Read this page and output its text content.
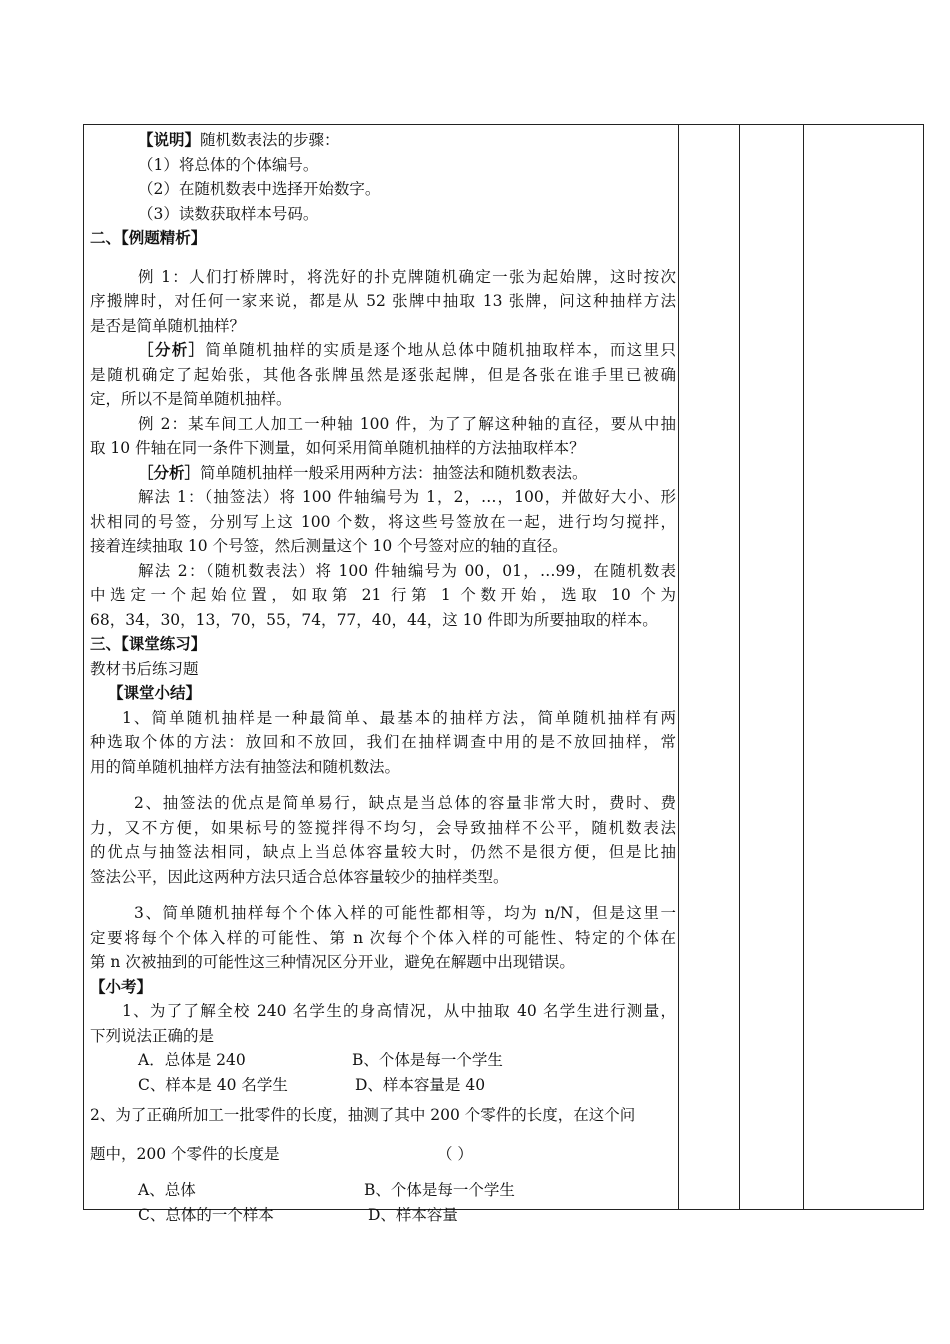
【说明】随机数表法的步骤：
（1）将总体的个体编号。
（2）在随机数表中选择开始数字。
（3）读数获取样本号码。
二、【例题精析】
例 1：人们打桥牌时，将洗好的扑克牌随机确定一张为起始牌，这时按次
序搬牌时，对任何一家来说，都是从 52 张牌中抽取 13 张牌，问这种抽样方法
是否是简单随机抽样？
［分析］简单随机抽样的实质是逐个地从总体中随机抽取样本，而这里只
是随机确定了起始张，其他各张牌虽然是逐张起牌，但是各张在谁手里已被确
定，所以不是简单随机抽样。
例 2：某车间工人加工一种轴 100 件，为了了解这种轴的直径，要从中抽
取 10 件轴在同一条件下测量，如何采用简单随机抽样的方法抽取样本？
［分析］简单随机抽样一般采用两种方法：抽签法和随机数表法。
解法 1：（抽签法）将 100 件轴编号为 1，2，…，100，并做好大小、形
状相同的号签，分别写上这 100 个数，将这些号签放在一起，进行均匀搅拌，
接着连续抽取 10 个号签，然后测量这个 10 个号签对应的轴的直径。
解法 2：（随机数表法）将 100 件轴编号为 00，01，…99，在随机数表
中选定一个起始位置，如取第 21 行第 1 个数开始，选取 10 个为
68，34，30，13，70，55，74，77，40，44，这 10 件即为所要抽取的样本。
三、【课堂练习】
教材书后练习题
【课堂小结】
1、简单随机抽样是一种最简单、最基本的抽样方法，简单随机抽样有两
种选取个体的方法：放回和不放回，我们在抽样调查中用的是不放回抽样，常
用的简单随机抽样方法有抽签法和随机数法。
2、抽签法的优点是简单易行，缺点是当总体的容量非常大时，费时、费
力，又不方便，如果标号的签搅拌得不均匀，会导致抽样不公平，随机数表法
的优点与抽签法相同，缺点上当总体容量较大时，仍然不是很方便，但是比抽
签法公平，因此这两种方法只适合总体容量较少的抽样类型。
3、简单随机抽样每个个体入样的可能性都相等，均为 n/N，但是这里一
定要将每个个体入样的可能性、第 n 次每个个体入样的可能性、特定的个体在
第 n 次被抽到的可能性这三种情况区分开业，避免在解题中出现错误。
【小考】
1、为了了解全校 240 名学生的身高情况，从中抽取 40 名学生进行测量，
下列说法正确的是
A．总体是 240	B、个体是每一个学生
C、样本是 40 名学生	D、样本容量是 40
2、为了正确所加工一批零件的长度，抽测了其中 200 个零件的长度，在这个问
题中，200 个零件的长度是	（ ）
A、总体	B、个体是每一个学生
C、总体的一个样本	D、样本容量
